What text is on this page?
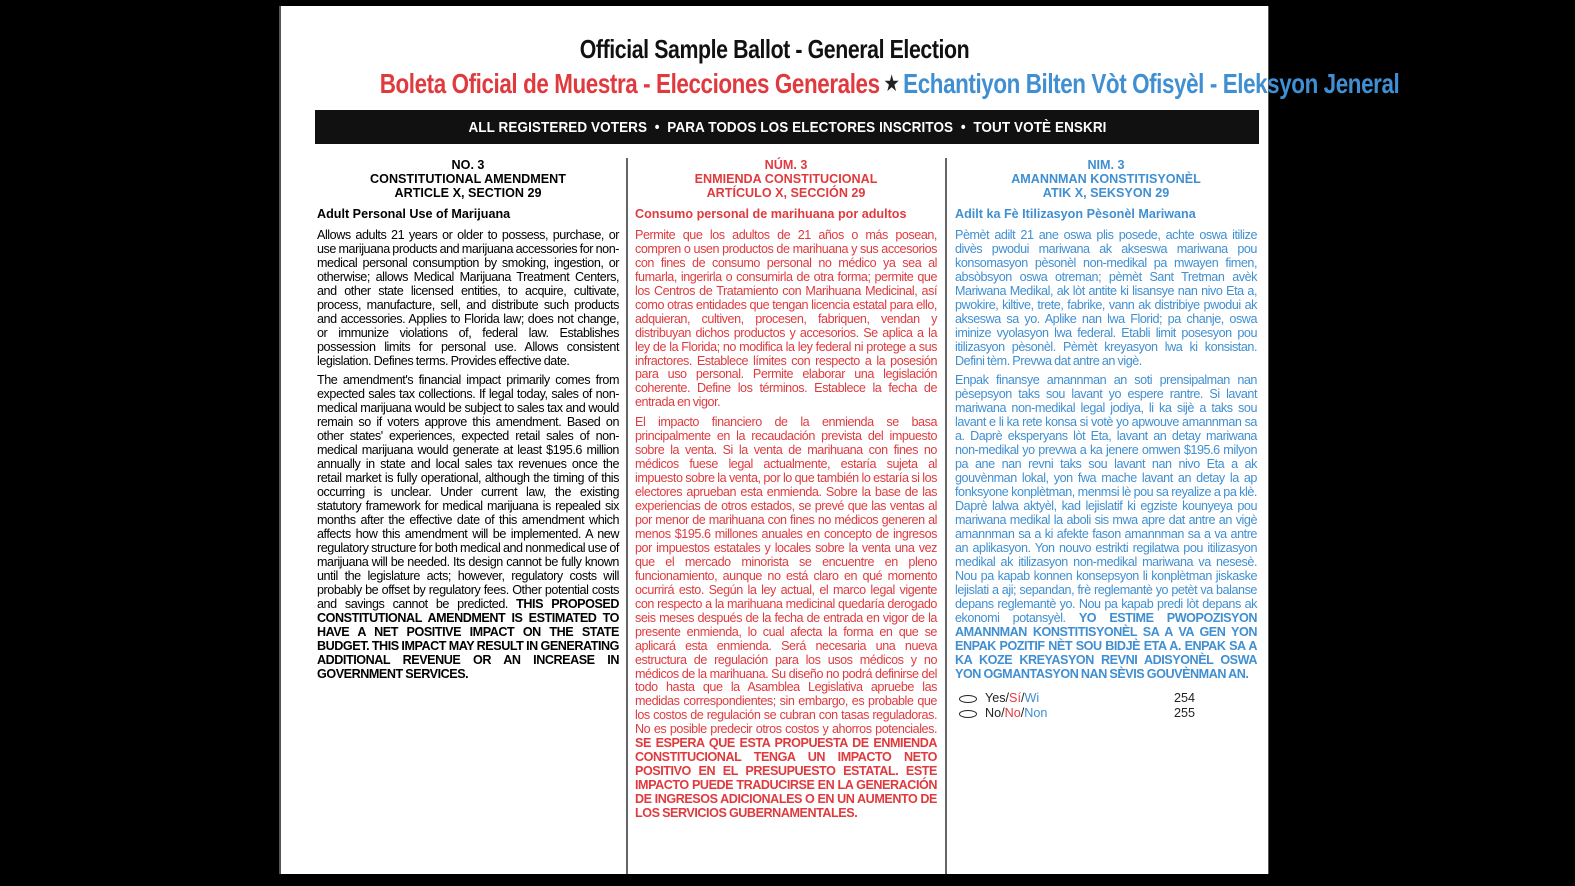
Official Sample Ballot - General Election
Boleta Oficial de Muestra - Elecciones Generales ★ Echantiyon Bilten Vòt Ofisyèl - Eleksyon Jeneral
ALL REGISTERED VOTERS  •  PARA TODOS LOS ELECTORES INSCRITOS  •  TOUT VOTÈ ENSKRI
NO. 3
CONSTITUTIONAL AMENDMENT
ARTICLE X, SECTION 29
Adult Personal Use of Marijuana

Allows adults 21 years or older to possess, purchase, or use marijuana products and marijuana accessories for non-medical personal consumption by smoking, ingestion, or otherwise; allows Medical Marijuana Treatment Centers, and other state licensed entities, to acquire, cultivate, process, manufacture, sell, and distribute such products and accessories. Applies to Florida law; does not change, or immunize violations of, federal law. Establishes possession limits for personal use. Allows consistent legislation. Defines terms. Provides effective date.

The amendment's financial impact primarily comes from expected sales tax collections. If legal today, sales of non-medical marijuana would be subject to sales tax and would remain so if voters approve this amendment. Based on other states' experiences, expected retail sales of non-medical marijuana would generate at least $195.6 million annually in state and local sales tax revenues once the retail market is fully operational, although the timing of this occurring is unclear. Under current law, the existing statutory framework for medical marijuana is repealed six months after the effective date of this amendment which affects how this amendment will be implemented. A new regulatory structure for both medical and nonmedical use of marijuana will be needed. Its design cannot be fully known until the legislature acts; however, regulatory costs will probably be offset by regulatory fees. Other potential costs and savings cannot be predicted. THIS PROPOSED CONSTITUTIONAL AMENDMENT IS ESTIMATED TO HAVE A NET POSITIVE IMPACT ON THE STATE BUDGET. THIS IMPACT MAY RESULT IN GENERATING ADDITIONAL REVENUE OR AN INCREASE IN GOVERNMENT SERVICES.

NÚM. 3
ENMIENDA CONSTITUCIONAL
ARTÍCULO X, SECCIÓN 29
Consumo personal de marihuana por adultos

Permite que los adultos de 21 años o más posean, compren o usen productos de marihuana y sus accesorios con fines de consumo personal no médico ya sea al fumarla, ingerirla o consumirla de otra forma; permite que los Centros de Tratamiento con Marihuana Medicinal, así como otras entidades que tengan licencia estatal para ello, adquieran, cultiven, procesen, fabriquen, vendan y distribuyan dichos productos y accesorios. Se aplica a la ley de la Florida; no modifica la ley federal ni protege a sus infractores. Establece límites con respecto a la posesión para uso personal. Permite elaborar una legislación coherente. Define los términos. Establece la fecha de entrada en vigor.

El impacto financiero de la enmienda se basa principalmente en la recaudación prevista del impuesto sobre la venta. Si la venta de marihuana con fines no médicos fuese legal actualmente, estaría sujeta al impuesto sobre la venta, por lo que también lo estaría si los electores aprueban esta enmienda. Sobre la base de las experiencias de otros estados, se prevé que las ventas al por menor de marihuana con fines no médicos generen al menos $195.6 millones anuales en concepto de ingresos por impuestos estatales y locales sobre la venta una vez que el mercado minorista se encuentre en pleno funcionamiento, aunque no está claro en qué momento ocurrirá esto. Según la ley actual, el marco legal vigente con respecto a la marihuana medicinal quedaría derogado seis meses después de la fecha de entrada en vigor de la presente enmienda, lo cual afecta la forma en que se aplicará esta enmienda. Será necesaria una nueva estructura de regulación para los usos médicos y no médicos de la marihuana. Su diseño no podrá definirse del todo hasta que la Asamblea Legislativa apruebe las medidas correspondientes; sin embargo, es probable que los costos de regulación se cubran con tasas reguladoras. No es posible predecir otros costos y ahorros potenciales. SE ESPERA QUE ESTA PROPUESTA DE ENMIENDA CONSTITUCIONAL TENGA UN IMPACTO NETO POSITIVO EN EL PRESUPUESTO ESTATAL. ESTE IMPACTO PUEDE TRADUCIRSE EN LA GENERACIÓN DE INGRESOS ADICIONALES O EN UN AUMENTO DE LOS SERVICIOS GUBERNAMENTALES.

NIM. 3
AMANNMAN KONSTITISYONÈL
ATIK X, SEKSYON 29
Adilt ka Fè Itilizasyon Pèsonèl Mariwana

Pèmèt adilt 21 ane oswa plis posede, achte oswa itilize divès pwodui mariwana ak akseswa mariwana pou konsomasyon pèsonèl non-medikal pa mwayen fimen, absòbsyon oswa otreman; pèmèt Sant Tretman avèk Mariwana Medikal, ak lòt antite ki lisansye nan nivo Eta a, pwokire, kiltive, trete, fabrike, vann ak distribiye pwodui ak akseswa sa yo. Aplike nan lwa Florid; pa chanje, oswa iminize vyolasyon lwa federal. Etabli limit posesyon pou itilizasyon pèsonèl. Pèmèt kreyasyon lwa ki konsistan. Defini tèm. Prevwa dat antre an vigè.

Enpak finansye amannman an soti prensipalman nan pèsepsyon taks sou lavant yo espere rantre. Si lavant mariwana non-medikal legal jodiya, li ka sijè a taks sou lavant e li ka rete konsa si votè yo apwouve amannman sa a. Daprè eksperyans lòt Eta, lavant an detay mariwana non-medikal yo prevwa a ka jenere omwen $195.6 milyon pa ane nan revni taks sou lavant nan nivo Eta a ak gouvènman lokal, yon fwa mache lavant an detay la ap fonksyone konplètman, menmsi lè pou sa reyalize a pa klè. Daprè lalwa aktyèl, kad lejislatif ki egziste kounyeya pou mariwana medikal la aboli sis mwa apre dat antre an vigè amannman sa a ki afekte fason amannman sa a va antre an aplikasyon. Yon nouvo estrikti regilatwa pou itilizasyon medikal ak itilizasyon non-medikal mariwana va nesesè. Nou pa kapab konnen konsepsyon li konplètman jiskaske lejislati a aji; sepandan, frè reglemantè yo petèt va balanse depans reglemantè yo. Nou pa kapab predi lòt depans ak ekonomi potansyèl. YO ESTIME PWOPOZISYON AMANNMAN KONSTITISYONÈL SA A VA GEN YON ENPAK POZITIF NÈT SOU BIDJÈ ETA A. ENPAK SA A KA KOZE KREYASYON REVNI ADISYONÈL OSWA YON OGMANTASYON NAN SÈVIS GOUVÈNMAN AN.

Yes/ Sí / Wi	254
No/ No / Non	255
